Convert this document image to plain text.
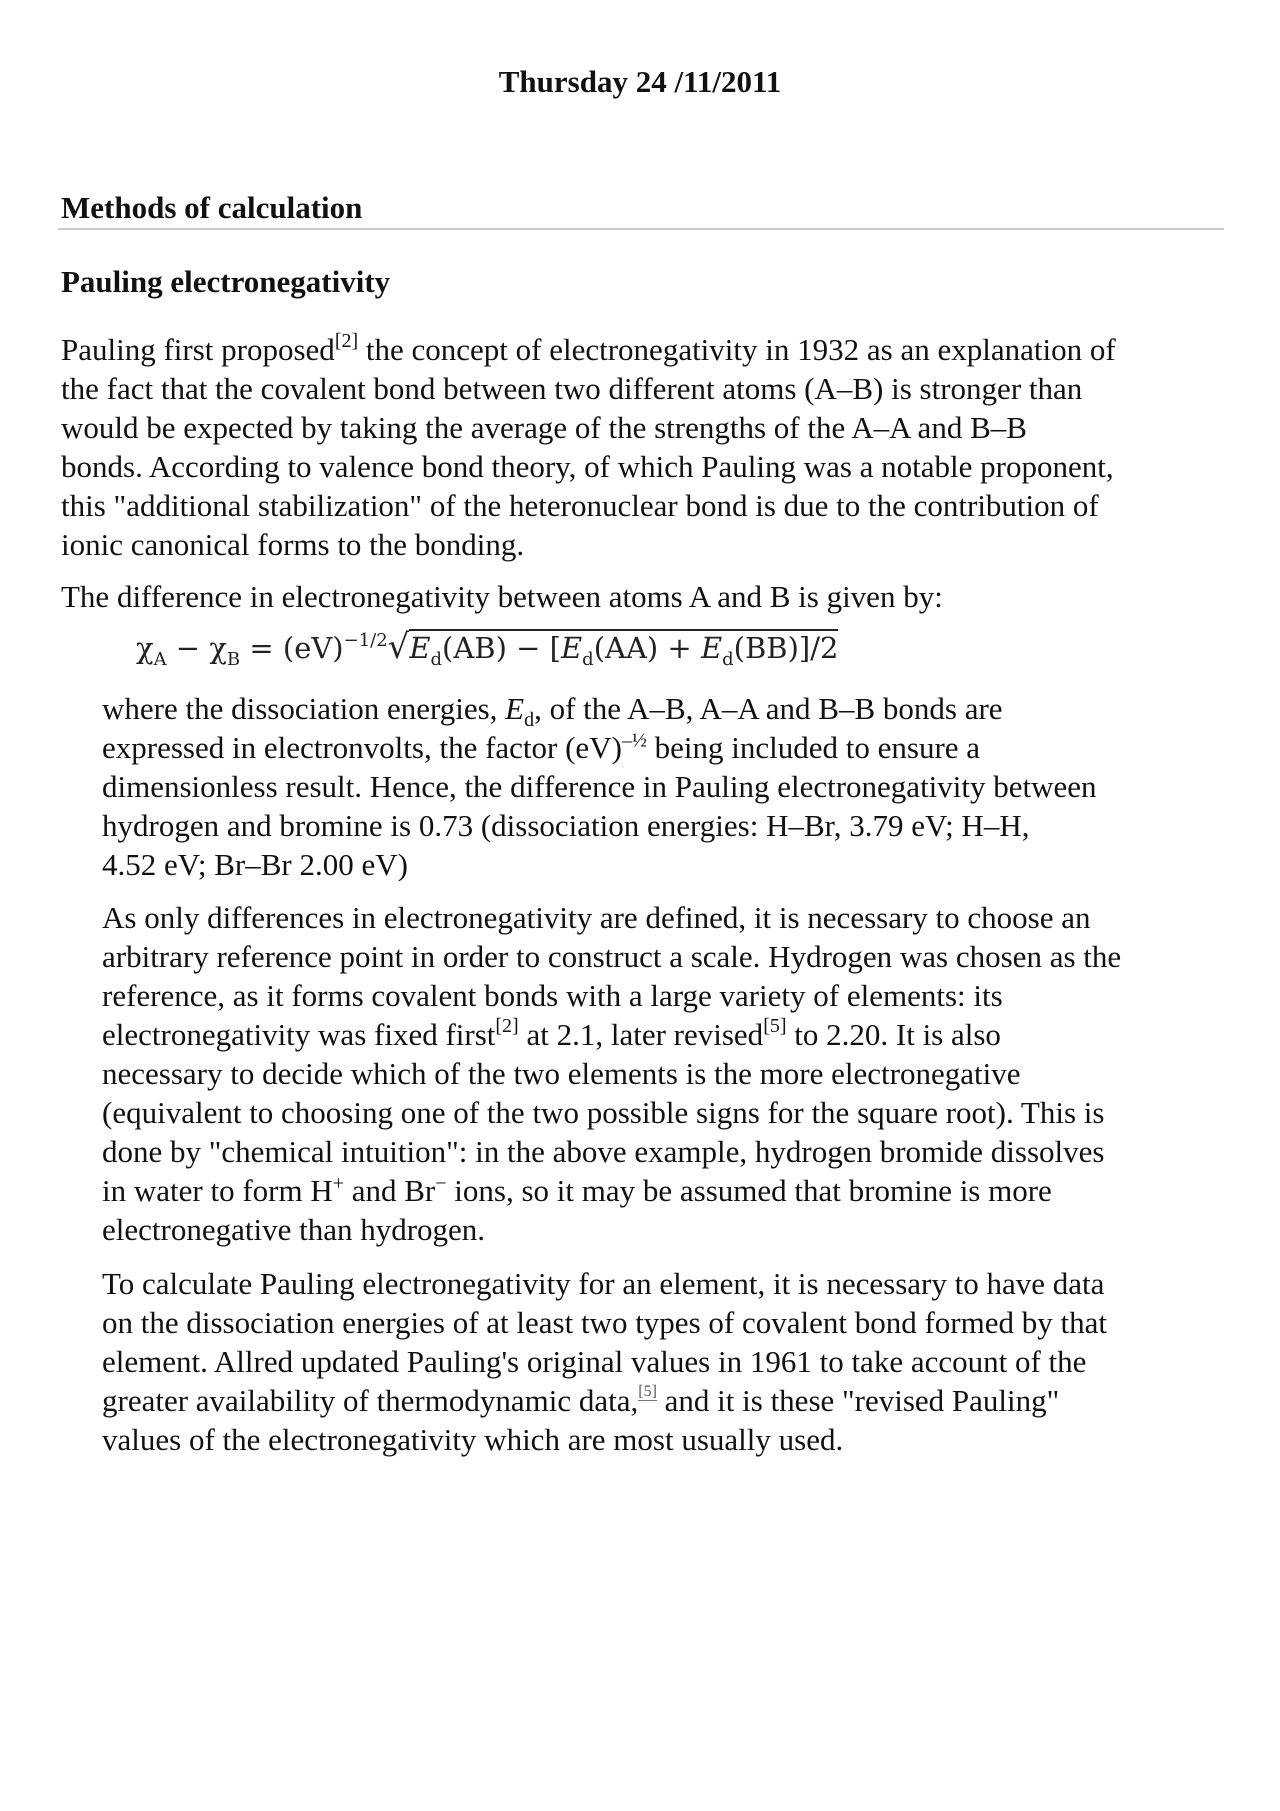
Thursday 24 /11/2011
Methods of calculation
Pauling electronegativity
Pauling first proposed[2] the concept of electronegativity in 1932 as an explanation of
the fact that the covalent bond between two different atoms (A–B) is stronger than
would be expected by taking the average of the strengths of the A–A and B–B
bonds. According to valence bond theory, of which Pauling was a notable proponent,
this "additional stabilization" of the heteronuclear bond is due to the contribution of
ionic canonical forms to the bonding.
The difference in electronegativity between atoms A and B is given by:
$\chi_A - \chi_B = (eV)^{-1/2}√E_d(AB) - [E_d(AA) + E_d(BB)]/2$
where the dissociation energies, $E_d$, of the A–B, A–A and B–B bonds are
expressed in electronvolts, the factor (eV)$^{-\frac{1}{2}}$ being included to ensure a
dimensionless result. Hence, the difference in Pauling electronegativity between
hydrogen and bromine is 0.73 (dissociation energies: H–Br, 3.79 eV; H–H,
4.52 eV; Br–Br 2.00 eV)
As only differences in electronegativity are defined, it is necessary to choose an
arbitrary reference point in order to construct a scale. Hydrogen was chosen as the
reference, as it forms covalent bonds with a large variety of elements: its
electronegativity was fixed first[2] at 2.1, later revised[5] to 2.20. It is also
necessary to decide which of the two elements is the more electronegative
(equivalent to choosing one of the two possible signs for the square root). This is
done by "chemical intuition": in the above example, hydrogen bromide dissolves
in water to form H+ and Br− ions, so it may be assumed that bromine is more
electronegative than hydrogen.
To calculate Pauling electronegativity for an element, it is necessary to have data
on the dissociation energies of at least two types of covalent bond formed by that
element. Allred updated Pauling's original values in 1961 to take account of the
greater availability of thermodynamic data,[5] and it is these "revised Pauling"
values of the electronegativity which are most usually used.
